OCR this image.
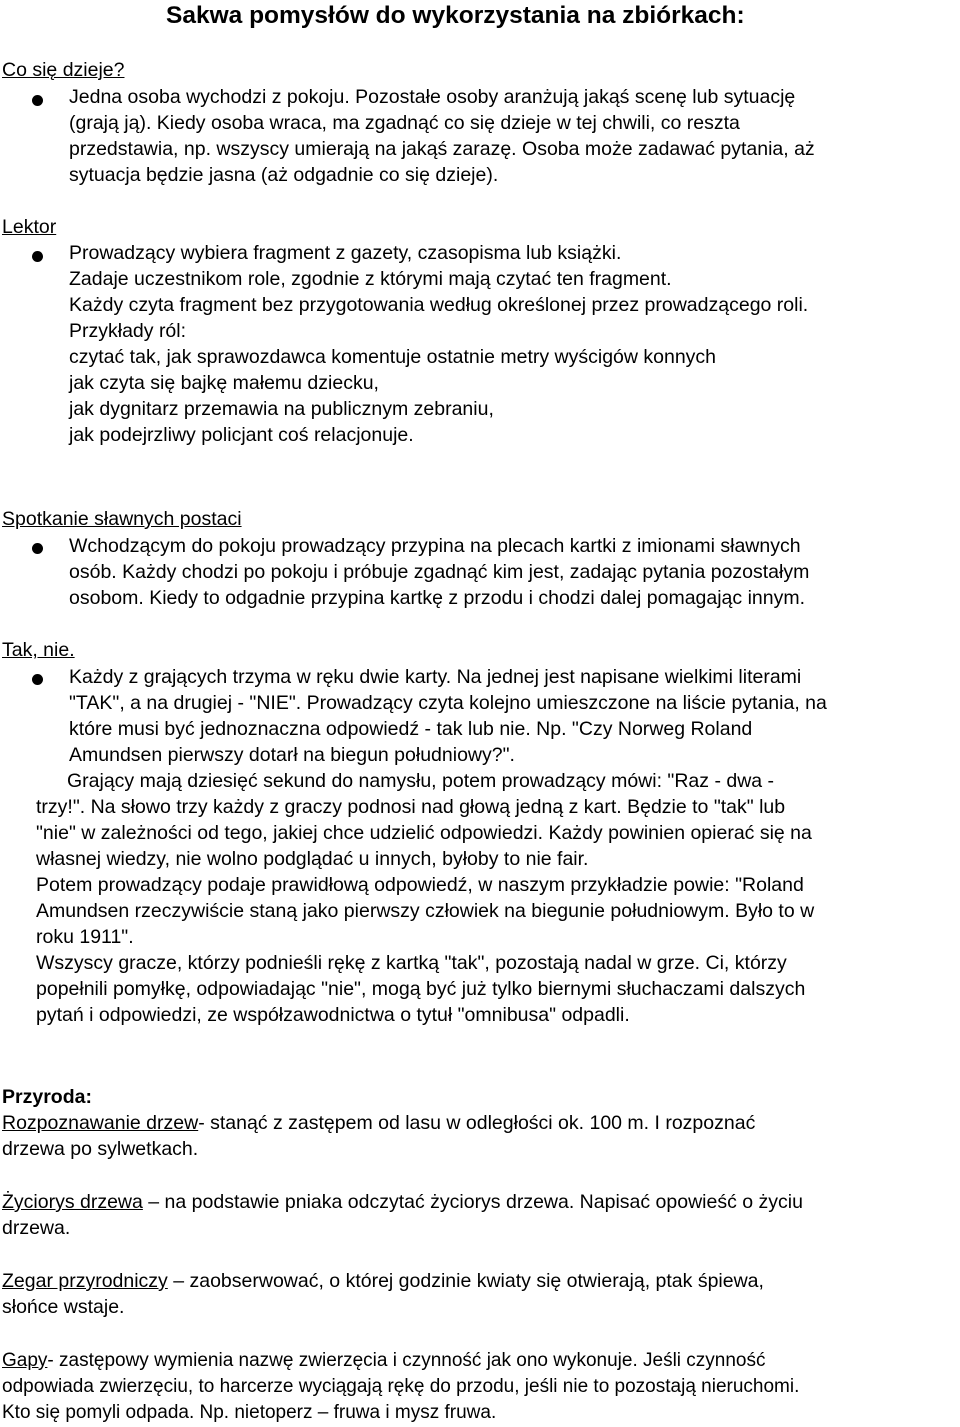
Sakwa pomysłów do wykorzystania na zbiórkach:
Co się dzieje?
Jedna osoba wychodzi z pokoju. Pozostałe osoby aranżują jakąś scenę lub sytuację
(grają ją). Kiedy osoba wraca, ma zgadnąć co się dzieje w tej chwili, co reszta
przedstawia, np. wszyscy umierają na jakąś zarazę. Osoba może zadawać pytania, aż
sytuacja będzie jasna (aż odgadnie co się dzieje).
Lektor
Prowadzący wybiera fragment z gazety, czasopisma lub książki.
Zadaje uczestnikom role, zgodnie z którymi mają czytać ten fragment.
Każdy czyta fragment bez przygotowania według określonej przez prowadzącego roli.
Przykłady ról:
czytać tak, jak sprawozdawca komentuje ostatnie metry wyścigów konnych
jak czyta się bajkę małemu dziecku,
jak dygnitarz przemawia na publicznym zebraniu,
jak podejrzliwy policjant coś relacjonuje.
Spotkanie sławnych postaci
Wchodzącym do pokoju prowadzący przypina na plecach kartki z imionami sławnych
osób. Każdy chodzi po pokoju i próbuje zgadnąć kim jest, zadając pytania pozostałym
osobom. Kiedy to odgadnie przypina kartkę z przodu i chodzi dalej pomagając innym.
Tak, nie.
Każdy z grających trzyma w ręku dwie karty. Na jednej jest napisane wielkimi literami
"TAK", a na drugiej - "NIE". Prowadzący czyta kolejno umieszczone na liście pytania, na
które musi być jednoznaczna odpowiedź - tak lub nie. Np. "Czy Norweg Roland
Amundsen pierwszy dotarł na biegun południowy?".
Grający mają dziesięć sekund do namysłu, potem prowadzący mówi: "Raz - dwa -
trzy!". Na słowo trzy każdy z graczy podnosi nad głową jedną z kart. Będzie to "tak" lub
"nie" w zależności od tego, jakiej chce udzielić odpowiedzi. Każdy powinien opierać się na
własnej wiedzy, nie wolno podglądać u innych, byłoby to nie fair.
Potem prowadzący podaje prawidłową odpowiedź, w naszym przykładzie powie: "Roland
Amundsen rzeczywiście staną jako pierwszy człowiek na biegunie południowym. Było to w
roku 1911".
Wszyscy gracze, którzy podnieśli rękę z kartką "tak", pozostają nadal w grze. Ci, którzy
popełnili pomyłkę, odpowiadając "nie", mogą być już tylko biernymi słuchaczami dalszych
pytań i odpowiedzi, ze współzawodnictwa o tytuł "omnibusa" odpadli.
Przyroda:
Rozpoznawanie drzew- stanąć z zastępem od lasu w odległości ok. 100 m. I rozpoznać
drzewa po sylwetkach.
Życiorys drzewa – na podstawie pniaka odczytać życiorys drzewa. Napisać opowieść o życiu
drzewa.
Zegar przyrodniczy – zaobserwować, o której godzinie kwiaty się otwierają, ptak śpiewa,
słońce wstaje.
Gapy- zastępowy wymienia nazwę zwierzęcia i czynność jak ono wykonuje. Jeśli czynność
odpowiada zwierzęciu, to harcerze wyciągają rękę do przodu, jeśli nie to pozostają nieruchomi.
Kto się pomyli odpada. Np. nietoperz – fruwa i mysz fruwa.
